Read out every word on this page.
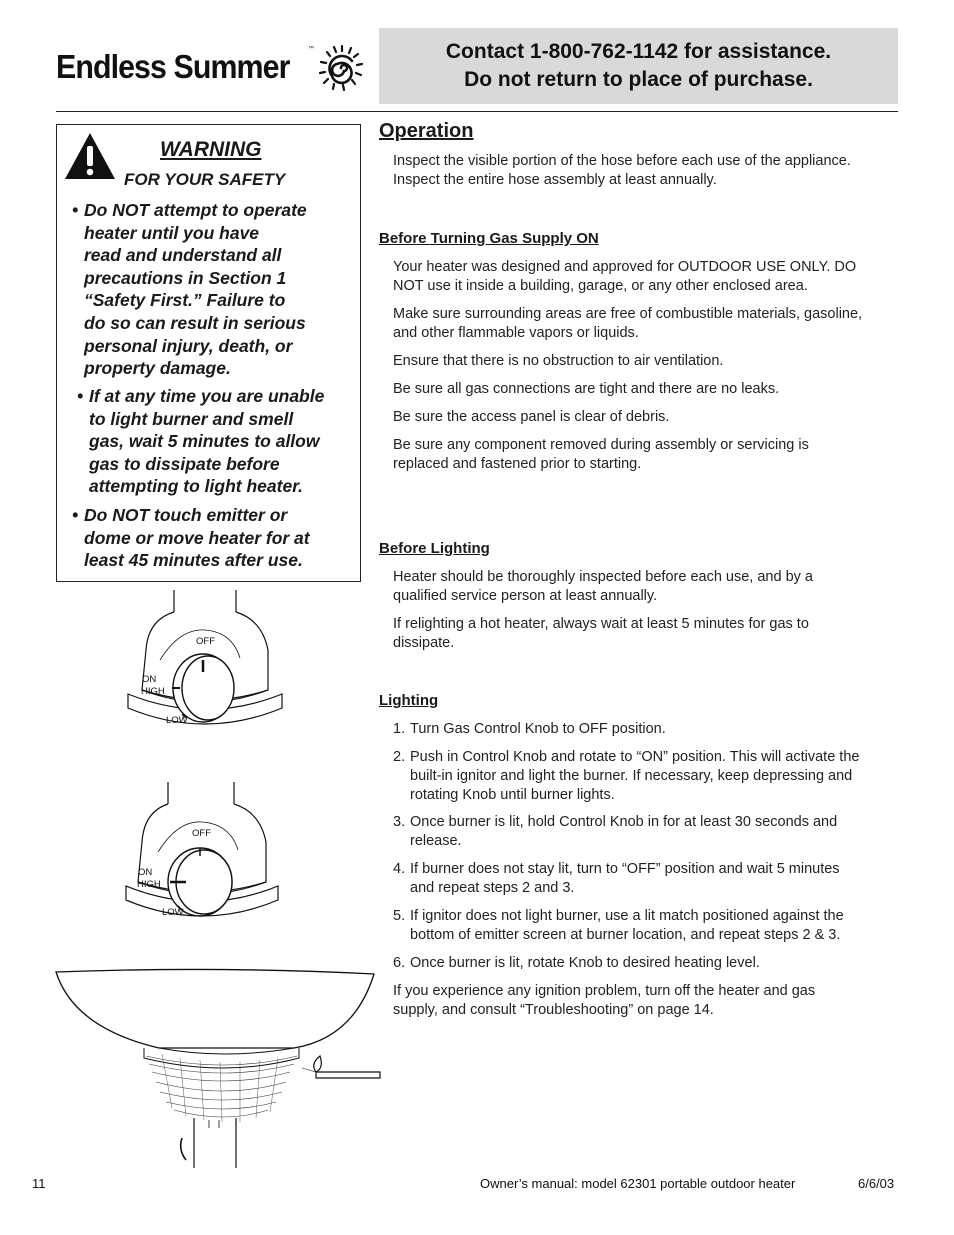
Endless Summer	™	Contact 1-800-762-1142 for assistance.
Do not return to place of purchase.
WARNING
FOR YOUR SAFETY
• Do NOT attempt to operate
heater until you have
read and understand all
precautions in Section 1
“Safety First.” Failure to
do so can result in serious
personal injury, death, or
property damage.
• If at any time you are unable
to light burner and smell
gas, wait 5 minutes to allow
gas to dissipate before
attempting to light heater.
• Do NOT touch emitter or
dome or move heater for at
least 45 minutes after use.
Operation
Inspect the visible portion of the hose before each use of the appliance.
Inspect the entire hose assembly at least annually.
Before Turning Gas Supply ON
Your heater was designed and approved for OUTDOOR USE ONLY. DO
NOT use it inside a building, garage, or any other enclosed area.
Make sure surrounding areas are free of combustible materials, gasoline,
and other flammable vapors or liquids.
Ensure that there is no obstruction to air ventilation.
Be sure all gas connections are tight and there are no leaks.
Be sure the access panel is clear of debris.
Be sure any component removed during assembly or servicing is
replaced and fastened prior to starting.
Before Lighting
Heater should be thoroughly inspected before each use, and by a
qualified service person at least annually.
If relighting a hot heater, always wait at least 5 minutes for gas to
dissipate.
Lighting
1. Turn Gas Control Knob to OFF position.
2. Push in Control Knob and rotate to “ON” position. This will activate the
built-in ignitor and light the burner. If necessary, keep depressing and
rotating Knob until burner lights.
3. Once burner is lit, hold Control Knob in for at least 30 seconds and
release.
4. If burner does not stay lit, turn to “OFF” position and wait 5 minutes
and repeat steps 2 and 3.
5. If ignitor does not light burner, use a lit match positioned against the
bottom of emitter screen at burner location, and repeat steps 2 & 3.
6. Once burner is lit, rotate Knob to desired heating level.
If you experience any ignition problem, turn off the heater and gas
supply, and consult “Troubleshooting” on page 14.
OFF
ON
HIGH
LOW
OFF
ON
HIGH
LOW
11	Owner’s manual: model 62301 portable outdoor heater	6/6/03
